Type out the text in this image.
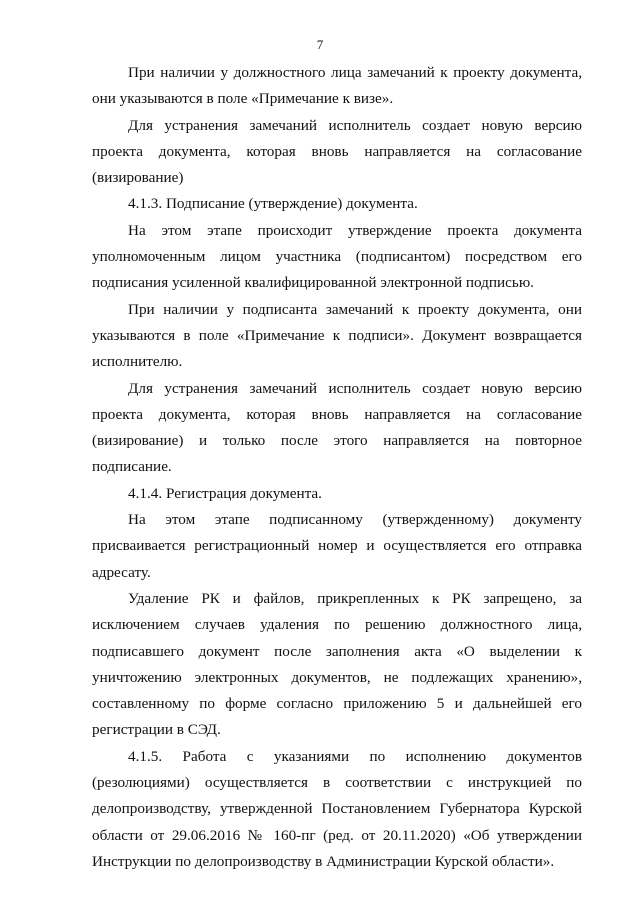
7

При наличии у должностного лица замечаний к проекту документа, они указываются в поле «Примечание к визе».

Для устранения замечаний исполнитель создает новую версию проекта документа, которая вновь направляется на согласование (визирование)

4.1.3. Подписание (утверждение) документа.

На этом этапе происходит утверждение проекта документа уполномоченным лицом участника (подписантом) посредством его подписания усиленной квалифицированной электронной подписью.

При наличии у подписанта замечаний к проекту документа, они указываются в поле «Примечание к подписи». Документ возвращается исполнителю.

Для устранения замечаний исполнитель создает новую версию проекта документа, которая вновь направляется на согласование (визирование) и только после этого направляется на повторное подписание.

4.1.4. Регистрация документа.

На этом этапе подписанному (утвержденному) документу присваивается регистрационный номер и осуществляется его отправка адресату.

Удаление РК и файлов, прикрепленных к РК запрещено, за исключением случаев удаления по решению должностного лица, подписавшего документ после заполнения акта «О выделении к уничтожению электронных документов, не подлежащих хранению», составленному по форме согласно приложению 5 и дальнейшей его регистрации в СЭД.

4.1.5. Работа с указаниями по исполнению документов (резолюциями) осуществляется в соответствии с инструкцией по делопроизводству, утвержденной Постановлением Губернатора Курской области от 29.06.2016 № 160-пг (ред. от 20.11.2020) «Об утверждении Инструкции по делопроизводству в Администрации Курской области».
